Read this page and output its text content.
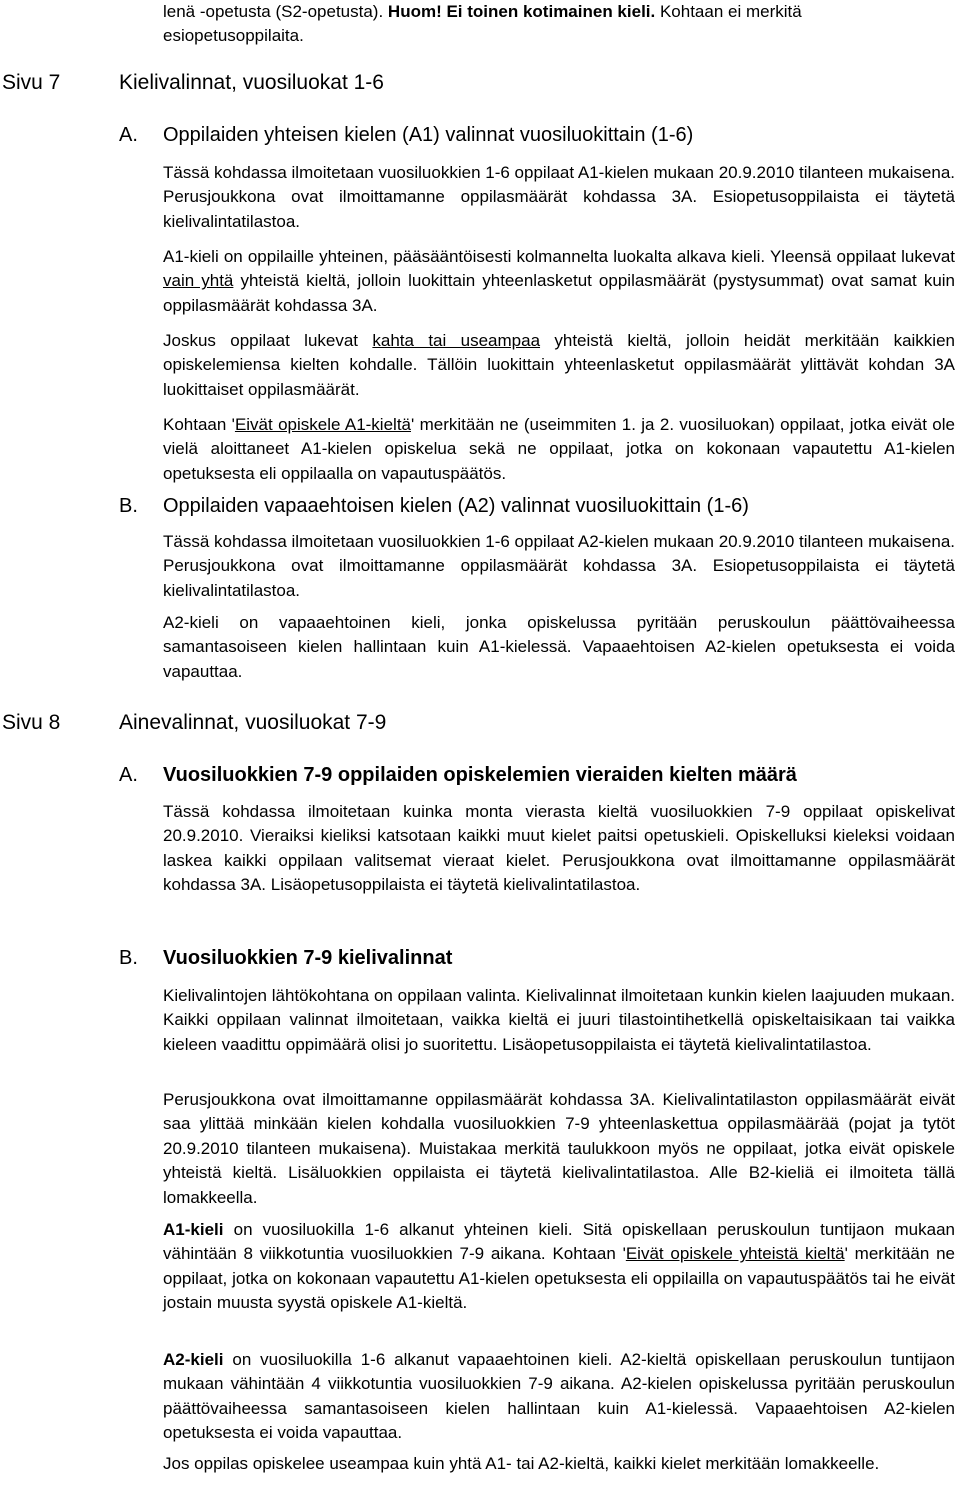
lenä -opetusta (S2-opetusta). Huom! Ei toinen kotimainen kieli. Kohtaan ei merkitä
esiopetusoppilaita.

Sivu 7	Kielivalinnat, vuosiluokat 1-6

A. Oppilaiden yhteisen kielen (A1) valinnat vuosiluokittain (1-6)

Tässä kohdassa ilmoitetaan vuosiluokkien 1-6 oppilaat A1-kielen mukaan 20.9.2010 tilanteen mukaisena. Perusjoukkona ovat ilmoittamanne oppilasmäärät kohdassa 3A. Esiopetusoppilaista ei täytetä kielivalintatilastoa.

A1-kieli on oppilaille yhteinen, pääsääntöisesti kolmannelta luokalta alkava kieli. Yleensä oppilaat lukevat vain yhtä yhteistä kieltä, jolloin luokittain yhteenlasketut oppilasmäärät (pystysummat) ovat samat kuin oppilasmäärät kohdassa 3A.

Joskus oppilaat lukevat kahta tai useampaa yhteistä kieltä, jolloin heidät merkitään kaikkien opiskelemiensa kielten kohdalle. Tällöin luokittain yhteenlasketut oppilasmäärät ylittävät kohdan 3A luokittaiset oppilasmäärät.

Kohtaan 'Eivät opiskele A1-kieltä' merkitään ne (useimmiten 1. ja 2. vuosiluokan) oppilaat, jotka eivät ole vielä aloittaneet A1-kielen opiskelua sekä ne oppilaat, jotka on kokonaan vapautettu A1-kielen opetuksesta eli oppilaalla on vapautuspäätös.

B. Oppilaiden vapaaehtoisen kielen (A2) valinnat vuosiluokittain (1-6)

Tässä kohdassa ilmoitetaan vuosiluokkien 1-6 oppilaat A2-kielen mukaan 20.9.2010 tilanteen mukaisena. Perusjoukkona ovat ilmoittamanne oppilasmäärät kohdassa 3A. Esiopetusoppilaista ei täytetä kielivalintatilastoa.

A2-kieli on vapaaehtoinen kieli, jonka opiskelussa pyritään peruskoulun päättövaiheessa samantasoiseen kielen hallintaan kuin A1-kielessä. Vapaaehtoisen A2-kielen opetuksesta ei voida vapauttaa.

Sivu 8	Ainevalinnat, vuosiluokat 7-9

A. Vuosiluokkien 7-9 oppilaiden opiskelemien vieraiden kielten määrä

Tässä kohdassa ilmoitetaan kuinka monta vierasta kieltä vuosiluokkien 7-9 oppilaat opiskelivat 20.9.2010. Vieraiksi kieliksi katsotaan kaikki muut kielet paitsi opetuskieli. Opiskelluksi kieleksi voidaan laskea kaikki oppilaan valitsemat vieraat kielet. Perusjoukkona ovat ilmoittamanne oppilasmäärät kohdassa 3A. Lisäopetusoppilaista ei täytetä kielivalintatilastoa.

B. Vuosiluokkien 7-9 kielivalinnat

Kielivalintojen lähtökohtana on oppilaan valinta. Kielivalinnat ilmoitetaan kunkin kielen laajuuden mukaan. Kaikki oppilaan valinnat ilmoitetaan, vaikka kieltä ei juuri tilastointihetkellä opiskeltaisikaan tai vaikka kieleen vaadittu oppimäärä olisi jo suoritettu. Lisäopetusoppilaista ei täytetä kielivalintatilastoa.

Perusjoukkona ovat ilmoittamanne oppilasmäärät kohdassa 3A. Kielivalintatilaston oppilasmäärät eivät saa ylittää minkään kielen kohdalla vuosiluokkien 7-9 yhteenlaskettua oppilasmäärää (pojat ja tytöt 20.9.2010 tilanteen mukaisena). Muistakaa merkitä taulukkoon myös ne oppilaat, jotka eivät opiskele yhteistä kieltä. Lisäluokkien oppilaista ei täytetä kielivalintatilastoa. Alle B2-kieliä ei ilmoiteta tällä lomakkeella.

A1-kieli on vuosiluokilla 1-6 alkanut yhteinen kieli. Sitä opiskellaan peruskoulun tuntijaon mukaan vähintään 8 viikkotuntia vuosiluokkien 7-9 aikana. Kohtaan 'Eivät opiskele yhteistä kieltä' merkitään ne oppilaat, jotka on kokonaan vapautettu A1-kielen opetuksesta eli oppilailla on vapautuspäätös tai he eivät jostain muusta syystä opiskele A1-kieltä.

A2-kieli on vuosiluokilla 1-6 alkanut vapaaehtoinen kieli. A2-kieltä opiskellaan peruskoulun tuntijaon mukaan vähintään 4 viikkotuntia vuosiluokkien 7-9 aikana. A2-kielen opiskelussa pyritään peruskoulun päättövaiheessa samantasoiseen kielen hallintaan kuin A1-kielessä. Vapaaehtoisen A2-kielen opetuksesta ei voida vapauttaa.

Jos oppilas opiskelee useampaa kuin yhtä A1- tai A2-kieltä, kaikki kielet merkitään lomakkeelle.
